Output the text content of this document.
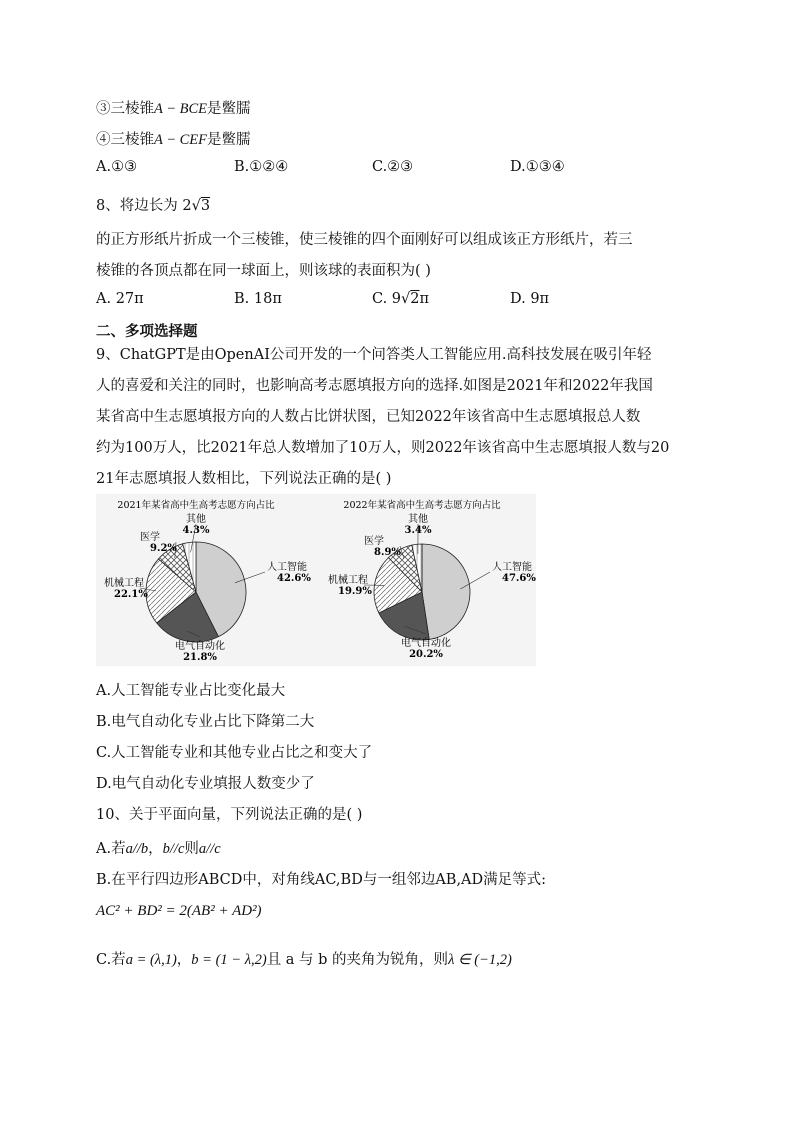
③三棱锥A − BCE是鳖臑
④三棱锥A − CEF是鳖臑
A.①③	B.①②④	C.②③	D.①③④
8、将边长为 2√3
的正方形纸片折成一个三棱锥，使三棱锥的四个面刚好可以组成该正方形纸片，若三
棱锥的各顶点都在同一球面上，则该球的表面积为( )
A. 27π	B. 18π	C. 9√2π	D. 9π
二、多项选择题
9、ChatGPT是由OpenAI公司开发的一个问答类人工智能应用.高科技发展在吸引年轻
人的喜爱和关注的同时，也影响高考志愿填报方向的选择.如图是2021年和2022年我国
某省高中生志愿填报方向的人数占比饼状图，已知2022年该省高中生志愿填报总人数
约为100万人，比2021年总人数增加了10万人，则2022年该省高中生志愿填报人数与20
21年志愿填报人数相比，下列说法正确的是( )
2021年某省高中生高考志愿方向占比
人工智能
42.6%
电气自动化
21.8%
机械工程
22.1%
医学
9.2%
其他
4.3%
2022年某省高中生高考志愿方向占比
人工智能
47.6%
电气自动化
20.2%
机械工程
19.9%
医学
8.9%
其他
3.4%
A.人工智能专业占比变化最大
B.电气自动化专业占比下降第二大
C.人工智能专业和其他专业占比之和变大了
D.电气自动化专业填报人数变少了
10、关于平面向量，下列说法正确的是( )
A.若a//b，b//c则a//c
B.在平行四边形ABCD中，对角线AC,BD与一组邻边AB,AD满足等式:
AC² + BD² = 2(AB² + AD²)
C.若a = (λ,1)，b = (1 − λ,2)且 a 与 b 的夹角为锐角，则λ ∈ (−1,2)
